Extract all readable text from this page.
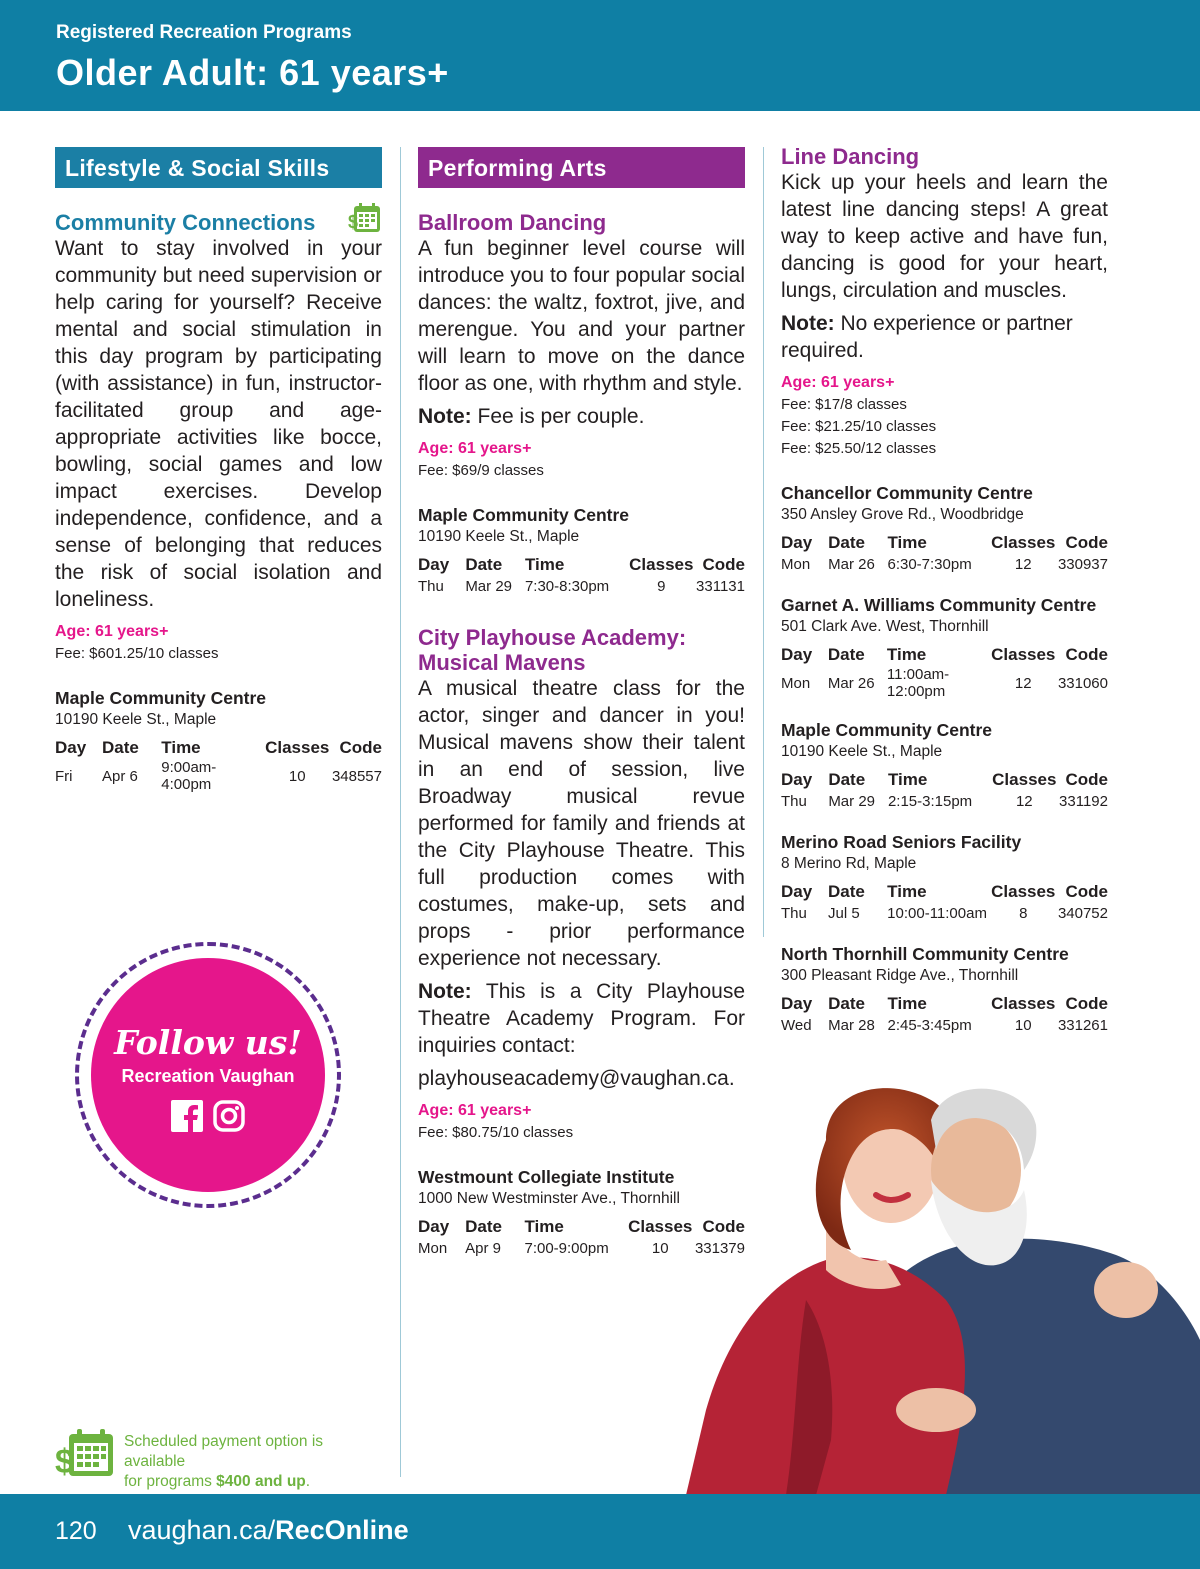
Registered Recreation Programs
Older Adult: 61 years+
Lifestyle & Social Skills
Community Connections	$

Want to stay involved in your community but need supervision or help caring for yourself? Receive mental and social stimulation in this day program by participating (with assistance) in fun, instructor-facilitated group and age-appropriate activities like bocce, bowling, social games and low impact exercises. Develop independence, confidence, and a sense of belonging that reduces the risk of social isolation and loneliness.

Age: 61 years+
Fee: $601.25/10 classes
Maple Community Centre
10190 Keele St., Maple
Day	Date	Time	Classes	Code
Fri	Apr 6	9:00am-4:00pm	10	348557
Follow us!
Recreation Vaughan
$
Scheduled payment option is available
for programs $400 and up.
Performing Arts
Ballroom Dancing

A fun beginner level course will introduce you to four popular social dances: the waltz, foxtrot, jive, and merengue. You and your partner will learn to move on the dance floor as one, with rhythm and style.

Note: Fee is per couple.

Age: 61 years+
Fee: $69/9 classes
Maple Community Centre
10190 Keele St., Maple
Day	Date	Time	Classes	Code
Thu	Mar 29	7:30-8:30pm	9	331131
City Playhouse Academy:
Musical Mavens

A musical theatre class for the actor, singer and dancer in you! Musical mavens show their talent in an end of session, live Broadway musical revue performed for family and friends at the City Playhouse Theatre. This full production comes with costumes, make-up, sets and props - prior performance experience not necessary.

Note: This is a City Playhouse Theatre Academy Program. For inquiries contact:

playhouseacademy@vaughan.ca.

Age: 61 years+
Fee: $80.75/10 classes
Westmount Collegiate Institute
1000 New Westminster Ave., Thornhill
Day	Date	Time	Classes	Code
Mon	Apr 9	7:00-9:00pm	10	331379
Line Dancing

Kick up your heels and learn the latest line dancing steps! A great way to keep active and have fun, dancing is good for your heart, lungs, circulation and muscles.

Note: No experience or partner required.

Age: 61 years+
Fee: $17/8 classes
Fee: $21.25/10 classes
Fee: $25.50/12 classes
Chancellor Community Centre
350 Ansley Grove Rd., Woodbridge
Day	Date	Time	Classes	Code
Mon	Mar 26	6:30-7:30pm	12	330937
Garnet A. Williams Community Centre
501 Clark Ave. West, Thornhill
Day	Date	Time	Classes	Code
Mon	Mar 26	11:00am-12:00pm	12	331060
Maple Community Centre
10190 Keele St., Maple
Day	Date	Time	Classes	Code
Thu	Mar 29	2:15-3:15pm	12	331192
Merino Road Seniors Facility
8 Merino Rd, Maple
Day	Date	Time	Classes	Code
Thu	Jul 5	10:00-11:00am	8	340752
North Thornhill Community Centre
300 Pleasant Ridge Ave., Thornhill
Day	Date	Time	Classes	Code
Wed	Mar 28	2:45-3:45pm	10	331261
120 vaughan.ca/RecOnline
